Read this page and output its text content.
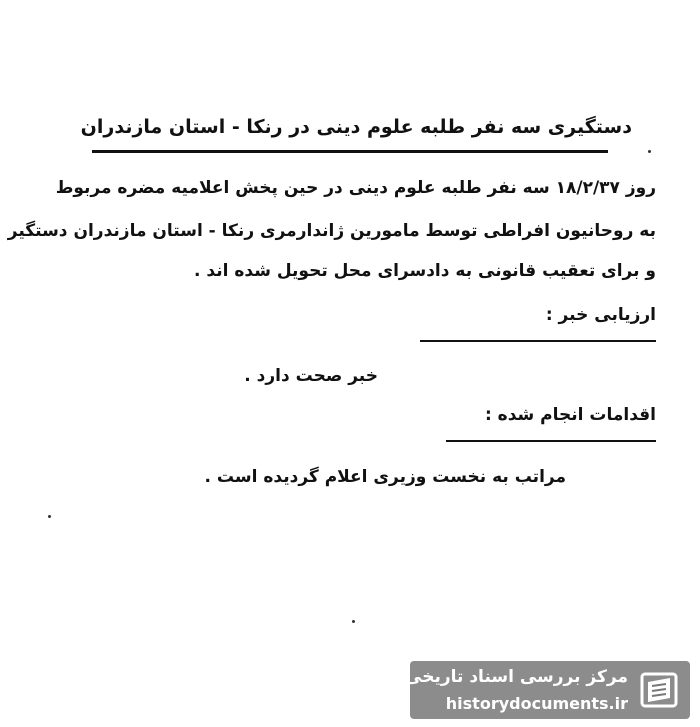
دستگیری سه نفر طلبه علوم دینی در رنکا - استان مازندران
روز ۱۸/۲/۳۷ سه نفر طلبه علوم دینی در حین پخش اعلامیه مضره مربوط
به روحانیون افراطی توسط مامورین ژاندارمری رنکا - استان مازندران دستگیر
و برای تعقیب قانونی به دادسرای محل تحویل شده اند .
ارزیابی خبر :
خبر صحت دارد .
اقدامات انجام شده :
مراتب به نخست وزیری اعلام گردیده است .
مرکز بررسی اسناد تاریخی
historydocuments.ir
